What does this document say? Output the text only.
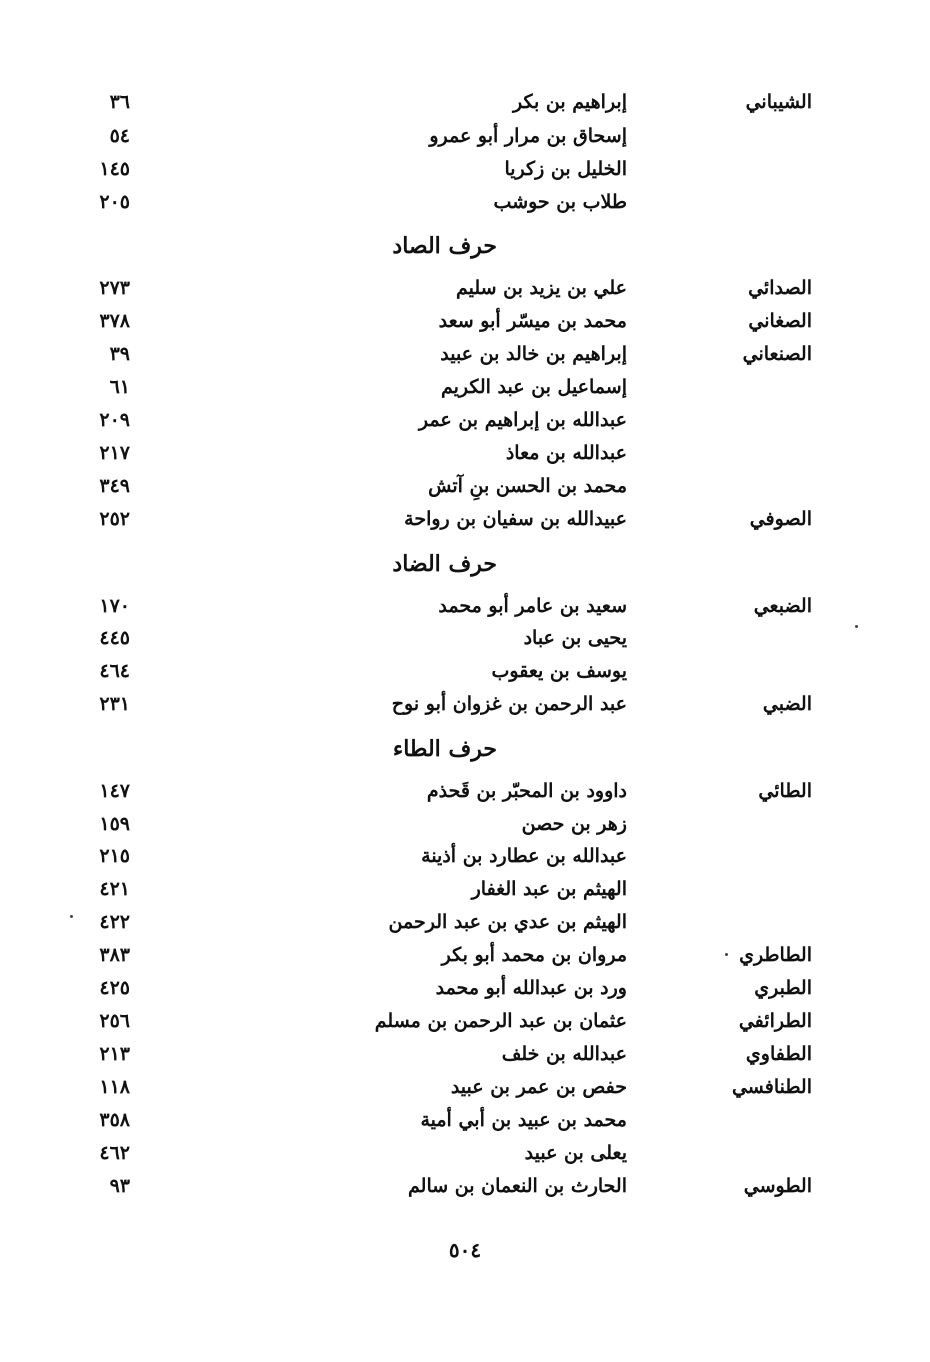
الشيباني
إبراهيم بن بكر
٣٦
إسحاق بن مرار أبو عمرو
٥٤
الخليل بن زكريا
١٤٥
طلاب بن حوشب
٢٠٥
حرف الصاد
الصدائي
علي بن يزيد بن سليم
٢٧٣
الصغاني
محمد بن ميسّر أبو سعد
٣٧٨
الصنعاني
إبراهيم بن خالد بن عبيد
٣٩
إسماعيل بن عبد الكريم
٦١
عبدالله بن إبراهيم بن عمر
٢٠٩
عبدالله بن معاذ
٢١٧
محمد بن الحسن بنِ آتش
٣٤٩
الصوفي
عبيدالله بن سفيان بن رواحة
٢٥٢
حرف الضاد
الضبعي
سعيد بن عامر أبو محمد
١٧٠
يحيى بن عباد
٤٤٥
يوسف بن يعقوب
٤٦٤
الضبي
عبد الرحمن بن غزوان أبو نوح
٢٣١
حرف الطاء
الطائي
داوود بن المحبّر بن قَحذم
١٤٧
زهر بن حصن
١٥٩
عبدالله بن عطارد بن أذينة
٢١٥
الهيثم بن عبد الغفار
٤٢١
الهيثم بن عدي بن عبد الرحمن
٤٢٢
الطاطري
مروان بن محمد أبو بكر
٣٨٣
الطبري
ورد بن عبدالله أبو محمد
٤٢٥
الطرائفي
عثمان بن عبد الرحمن بن مسلم
٢٥٦
الطفاوي
عبدالله بن خلف
٢١٣
الطنافسي
حفص بن عمر بن عبيد
١١٨
محمد بن عبيد بن أبي أمية
٣٥٨
يعلى بن عبيد
٤٦٢
الطوسي
الحارث بن النعمان بن سالم
٩٣
٥٠٤
